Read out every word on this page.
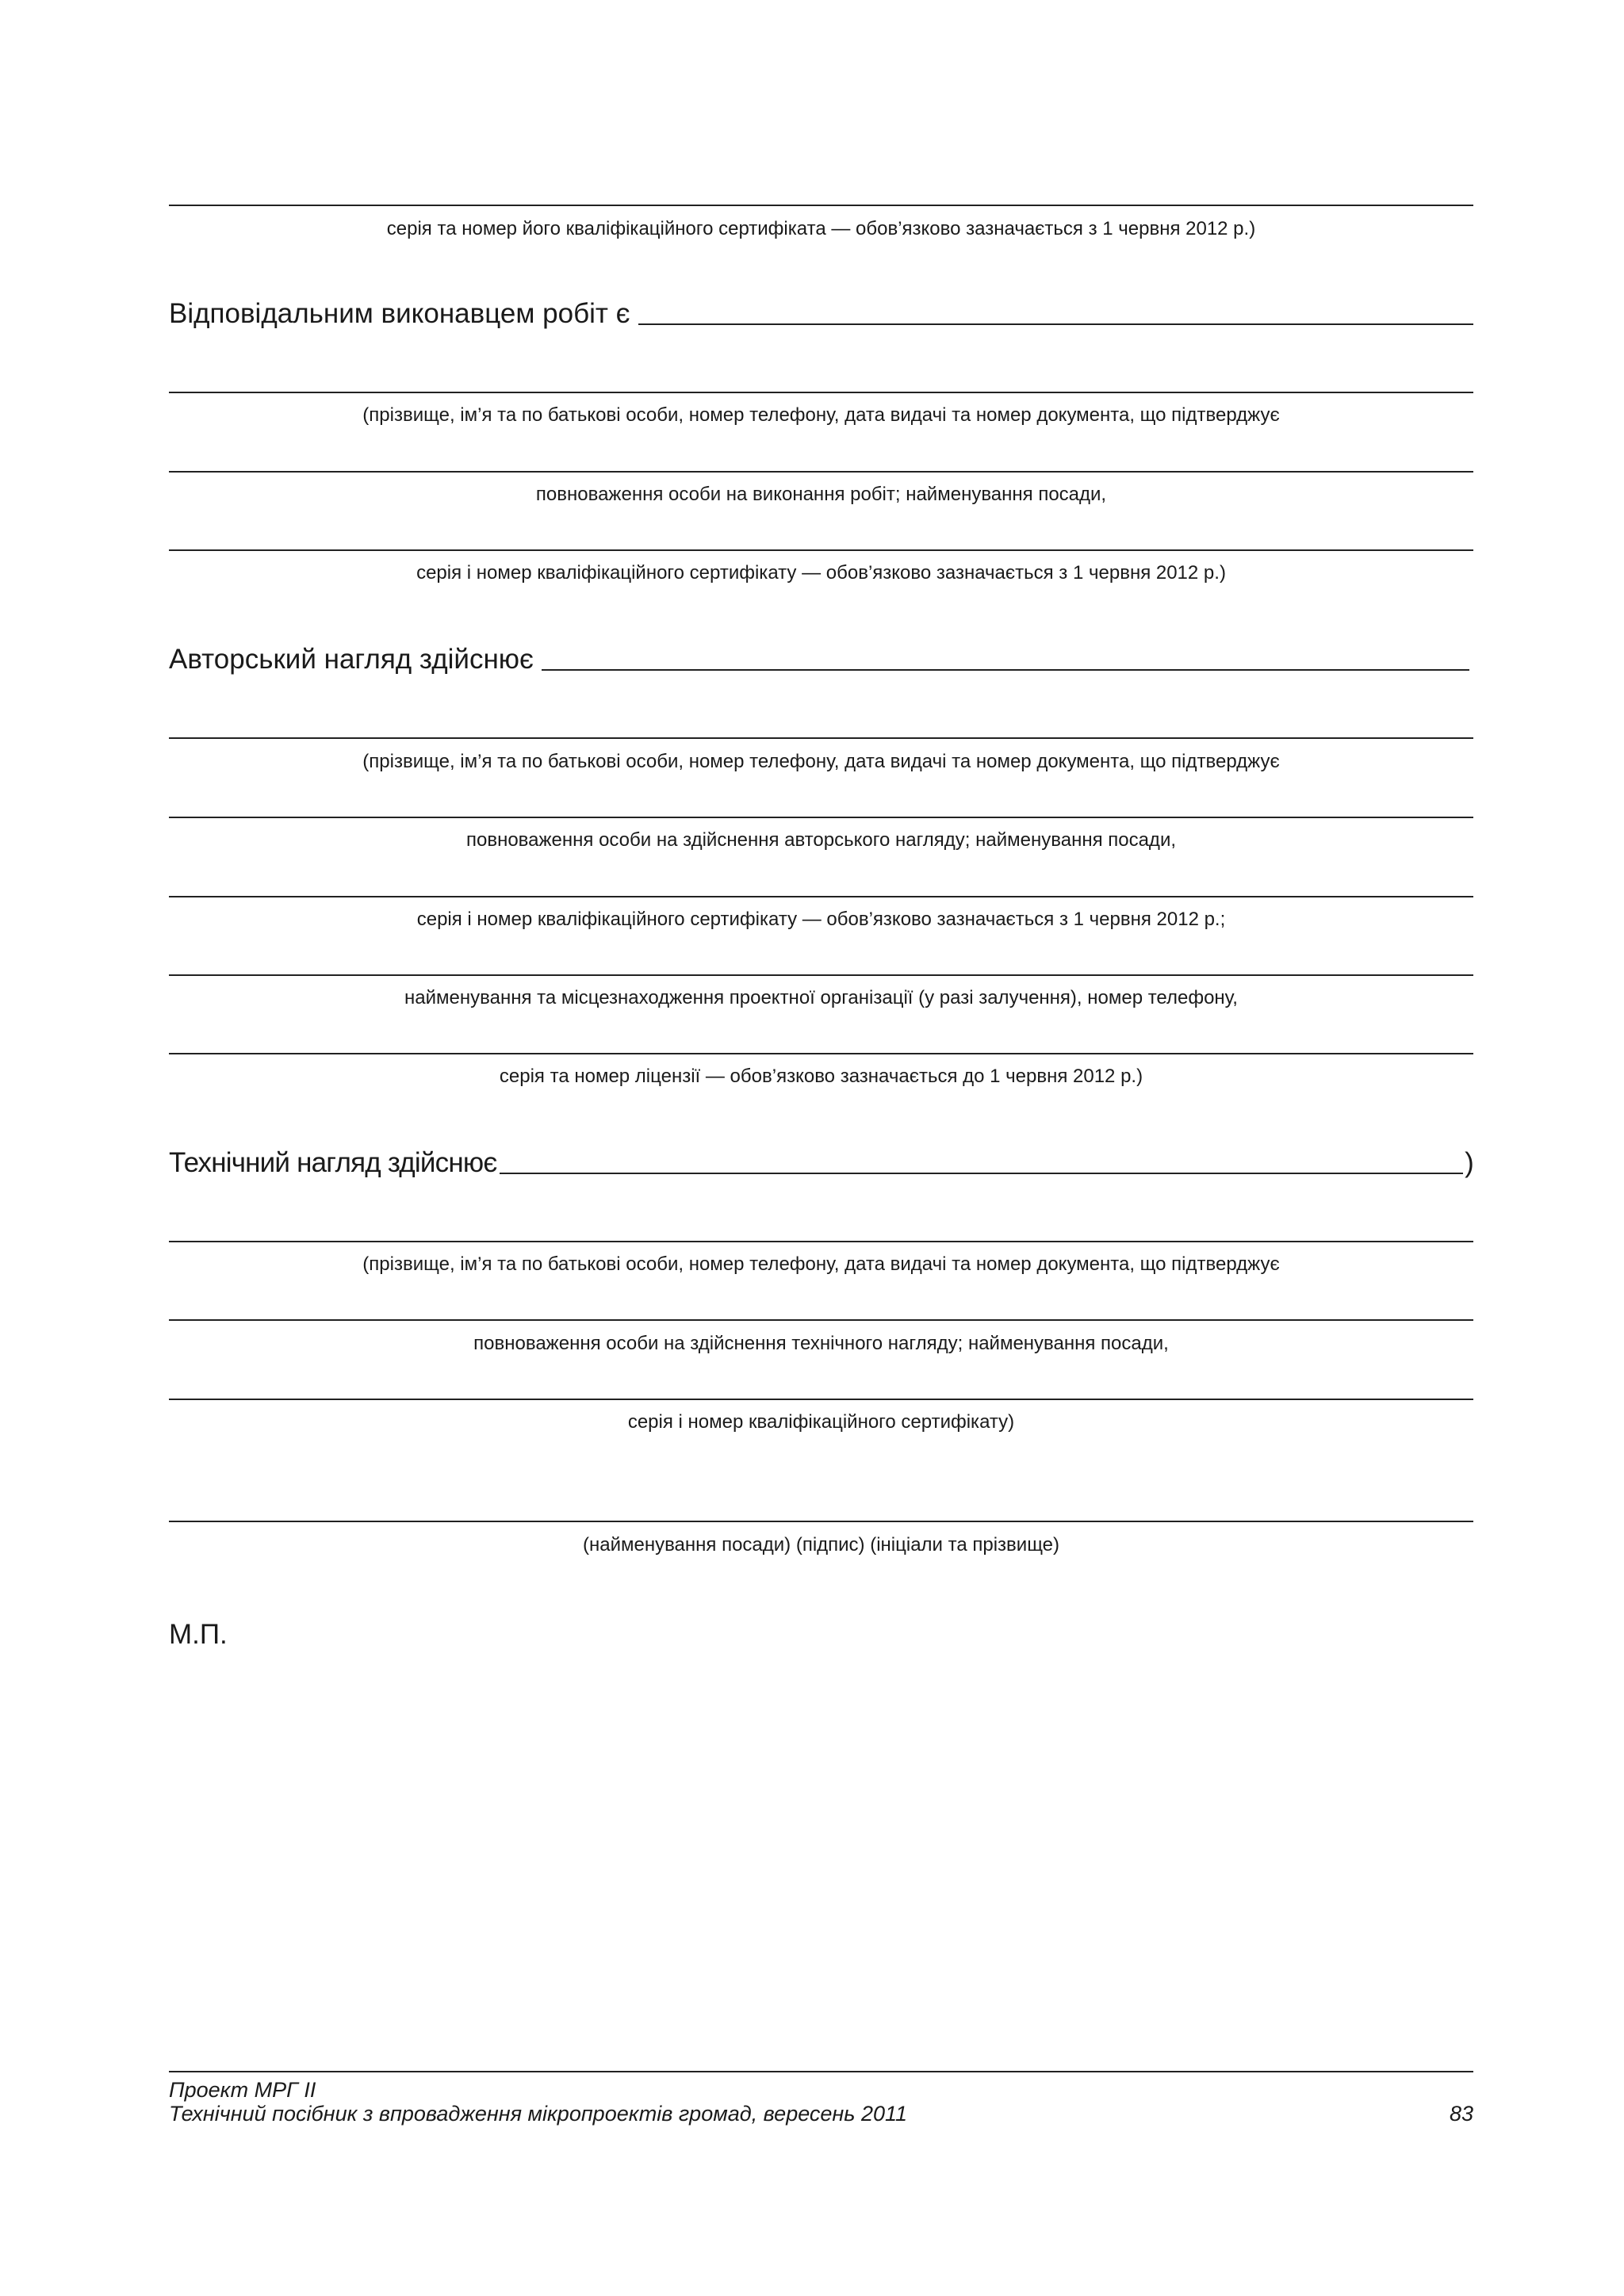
серія та номер його кваліфікаційного сертифіката — обов’язково зазначається з 1 червня 2012 р.)
Відповідальним виконавцем робіт є
(прізвище, ім’я та по батькові особи, номер телефону, дата видачі та номер документа, що підтверджує
повноваження особи на виконання робіт; найменування посади,
серія і номер кваліфікаційного сертифікату — обов’язково зазначається з 1 червня 2012 р.)
Авторський нагляд здійснює
(прізвище, ім’я та по батькові особи, номер телефону, дата видачі та номер документа, що підтверджує
повноваження особи на здійснення авторського нагляду; найменування посади,
серія і номер кваліфікаційного сертифікату — обов’язково зазначається з 1 червня 2012 р.;
найменування та місцезнаходження проектної організації (у разі залучення), номер телефону,
серія та номер ліцензії — обов’язково зазначається до 1 червня 2012 р.)
Технічний нагляд здійснює	)
(прізвище, ім’я та по батькові особи, номер телефону, дата видачі та номер документа, що підтверджує
повноваження особи на здійснення технічного нагляду; найменування посади,
серія і номер кваліфікаційного сертифікату)
(найменування посади) (підпис) (ініціали та прізвище)
М.П.
Проект МРГ ІІ
Технічний посібник з впровадження мікропроектів громад, вересень 2011	83
